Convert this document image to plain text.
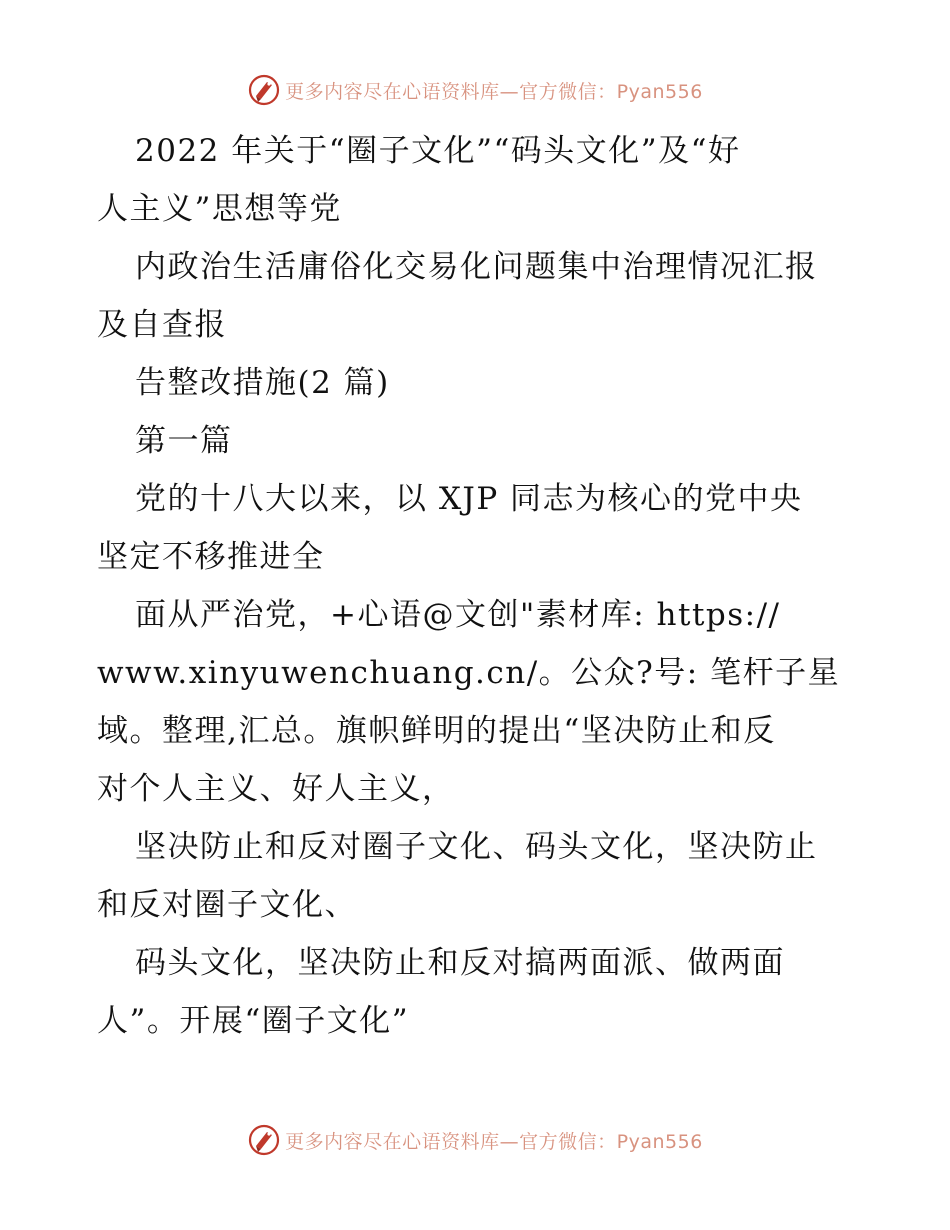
更多内容尽在心语资料库—官方微信：Pyan556
2022 年关于“圈子文化”“码头文化”及“好
人主义”思想等党
内政治生活庸俗化交易化问题集中治理情况汇报
及自查报
告整改措施(2 篇)
第一篇
党的十八大以来，以 XJP 同志为核心的党中央
坚定不移推进全
面从严治党，+心语@文创"素材库: https://
www.xinyuwenchuang.cn/。公众?号: 笔杆子星
域。整理,汇总。旗帜鲜明的提出“坚决防止和反
对个人主义、好人主义，
坚决防止和反对圈子文化、码头文化，坚决防止
和反对圈子文化、
码头文化，坚决防止和反对搞两面派、做两面
人”。开展“圈子文化”
更多内容尽在心语资料库—官方微信：Pyan556
